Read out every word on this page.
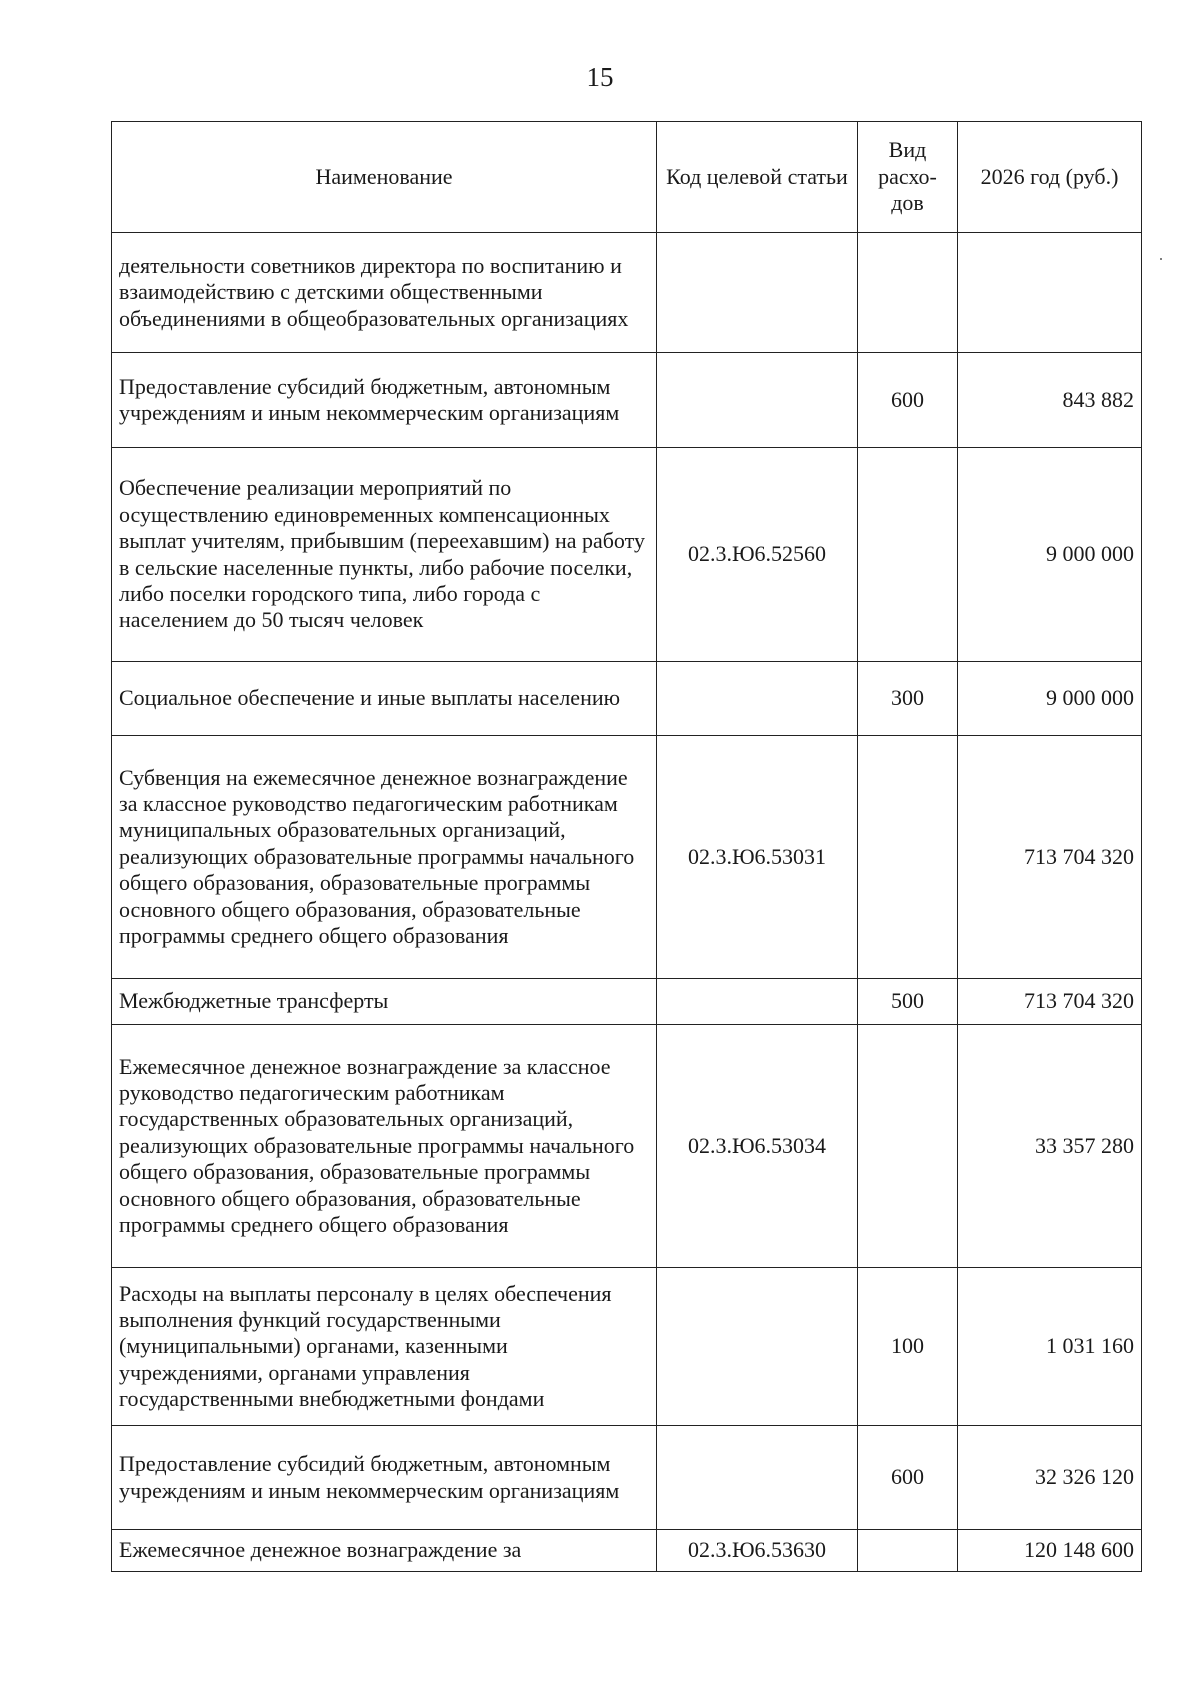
15
Наименование	Код целевой статьи	Вид расхо-дов	2026 год (руб.)
деятельности советников директора по воспитанию и взаимодействию с детскими общественными объединениями в общеобразовательных организациях			
Предоставление субсидий бюджетным, автономным учреждениям и иным некоммерческим организациям		600	843 882
Обеспечение реализации мероприятий по осуществлению единовременных компенсационных выплат учителям, прибывшим (переехавшим) на работу в сельские населенные пункты, либо рабочие поселки, либо поселки городского типа, либо города с населением до 50 тысяч человек	02.3.Ю6.52560		9 000 000
Социальное обеспечение и иные выплаты населению		300	9 000 000
Субвенция на ежемесячное денежное вознаграждение за классное руководство педагогическим работникам муниципальных образовательных организаций, реализующих образовательные программы начального общего образования, образовательные программы основного общего образования, образовательные программы среднего общего образования	02.3.Ю6.53031		713 704 320
Межбюджетные трансферты		500	713 704 320
Ежемесячное денежное вознаграждение за классное руководство педагогическим работникам государственных образовательных организаций, реализующих образовательные программы начального общего образования, образовательные программы основного общего образования, образовательные программы среднего общего образования	02.3.Ю6.53034		33 357 280
Расходы на выплаты персоналу в целях обеспечения выполнения функций государственными (муниципальными) органами, казенными учреждениями, органами управления государственными внебюджетными фондами		100	1 031 160
Предоставление субсидий бюджетным, автономным учреждениям и иным некоммерческим организациям		600	32 326 120
Ежемесячное денежное вознаграждение за	02.3.Ю6.53630		120 148 600
